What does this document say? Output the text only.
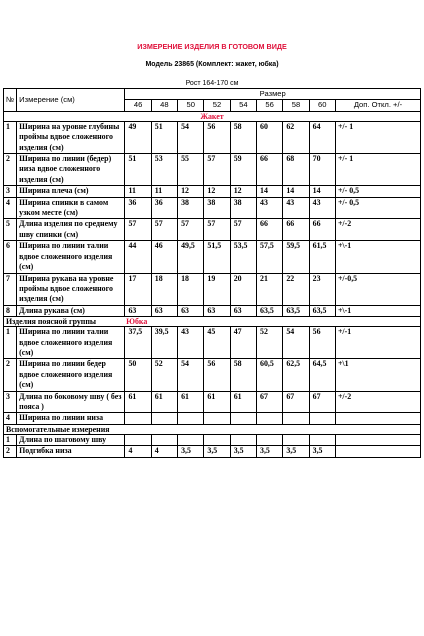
ИЗМЕРЕНИЕ ИЗДЕЛИЯ В ГОТОВОМ ВИДЕ
Модель 23865 (Комплект: жакет, юбка)
Рост 164-170 см
№	Измерение (см)	Размер								
		46	48	50	52	54	56	58	60	Доп. Откл. +/-
Жакет										
1	Ширина на уровне глубины проймы вдвое сложенного изделия (см)	49	51	54	56	58	60	62	64	+/- 1
2	Ширина по линии (бедер) низа вдвое сложенного изделия (см)	51	53	55	57	59	66	68	70	+/- 1
3	Ширина плеча (см)	11	11	12	12	12	14	14	14	+/- 0,5
4	Ширина спинки в самом узком месте (см)	36	36	38	38	38	43	43	43	+/- 0,5
5	Длина изделия по среднему шву спинки (см)	57	57	57	57	57	66	66	66	+/-2
6	Ширина по линии талии вдвое сложенного изделия (см)	44	46	49,5	51,5	53,5	57,5	59,5	61,5	+\-1
7	Ширина рукава на уровне проймы вдвое сложенного изделия (см)	17	18	18	19	20	21	22	23	+/-0,5
8	Длина рукава (см)	63	63	63	63	63	63,5	63,5	63,5	+\-1
Изделия поясной группы Юбка										
1	Ширина по линии талии вдвое сложенного изделия (см)	37,5	39,5	43	45	47	52	54	56	+/-1
2	Ширина по линии бедер вдвое сложенного изделия (см)	50	52	54	56	58	60,5	62,5	64,5	+\1
3	Длина по боковому шву ( без пояса )	61	61	61	61	61	67	67	67	+/-2
4	Ширина по линии низа									
Вспомогательные измерения										
1	Длина по шаговому шву									
2	Подгибка низа	4	4	3,5	3,5	3,5	3,5	3,5	3,5	
